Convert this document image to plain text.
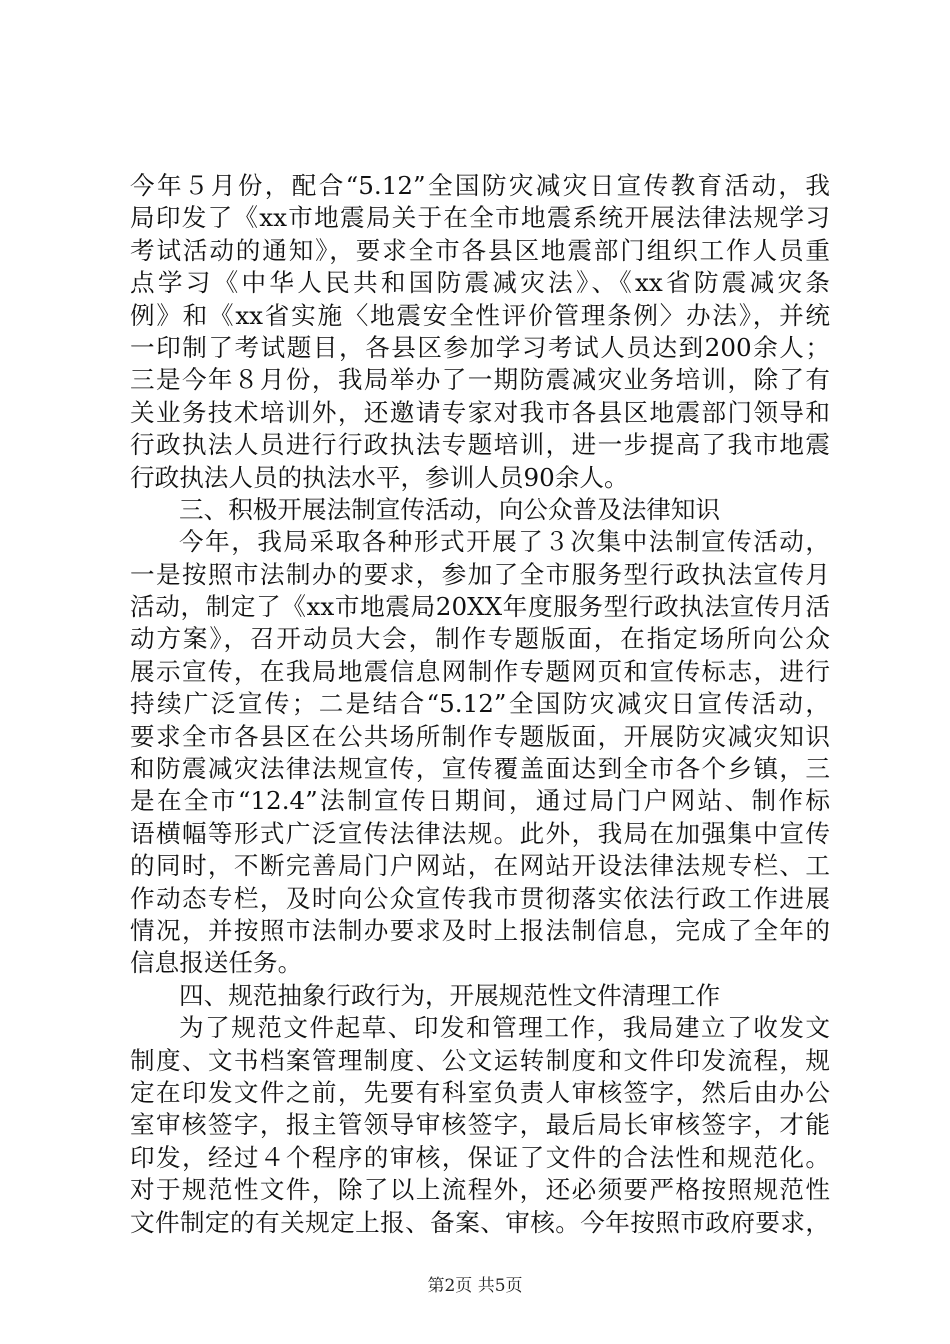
今年５月份，配合“5.12”全国防灾减灾日宣传教育活动，我
局印发了《xx市地震局关于在全市地震系统开展法律法规学习
考试活动的通知》，要求全市各县区地震部门组织工作人员重
点学习《中华人民共和国防震减灾法》、《xx省防震减灾条
例》和《xx省实施〈地震安全性评价管理条例〉办法》，并统
一印制了考试题目，各县区参加学习考试人员达到200余人；
三是今年８月份，我局举办了一期防震减灾业务培训，除了有
关业务技术培训外，还邀请专家对我市各县区地震部门领导和
行政执法人员进行行政执法专题培训，进一步提高了我市地震
行政执法人员的执法水平，参训人员90余人。
三、积极开展法制宣传活动，向公众普及法律知识
今年，我局采取各种形式开展了３次集中法制宣传活动，
一是按照市法制办的要求，参加了全市服务型行政执法宣传月
活动，制定了《xx市地震局20XX年度服务型行政执法宣传月活
动方案》，召开动员大会，制作专题版面，在指定场所向公众
展示宣传，在我局地震信息网制作专题网页和宣传标志，进行
持续广泛宣传；二是结合“5.12”全国防灾减灾日宣传活动，
要求全市各县区在公共场所制作专题版面，开展防灾减灾知识
和防震减灾法律法规宣传，宣传覆盖面达到全市各个乡镇，三
是在全市“12.4”法制宣传日期间，通过局门户网站、制作标
语横幅等形式广泛宣传法律法规。此外，我局在加强集中宣传
的同时，不断完善局门户网站，在网站开设法律法规专栏、工
作动态专栏，及时向公众宣传我市贯彻落实依法行政工作进展
情况，并按照市法制办要求及时上报法制信息，完成了全年的
信息报送任务。
四、规范抽象行政行为，开展规范性文件清理工作
为了规范文件起草、印发和管理工作，我局建立了收发文
制度、文书档案管理制度、公文运转制度和文件印发流程，规
定在印发文件之前，先要有科室负责人审核签字，然后由办公
室审核签字，报主管领导审核签字，最后局长审核签字，才能
印发，经过４个程序的审核，保证了文件的合法性和规范化。
对于规范性文件，除了以上流程外，还必须要严格按照规范性
文件制定的有关规定上报、备案、审核。今年按照市政府要求，
第2页 共5页
